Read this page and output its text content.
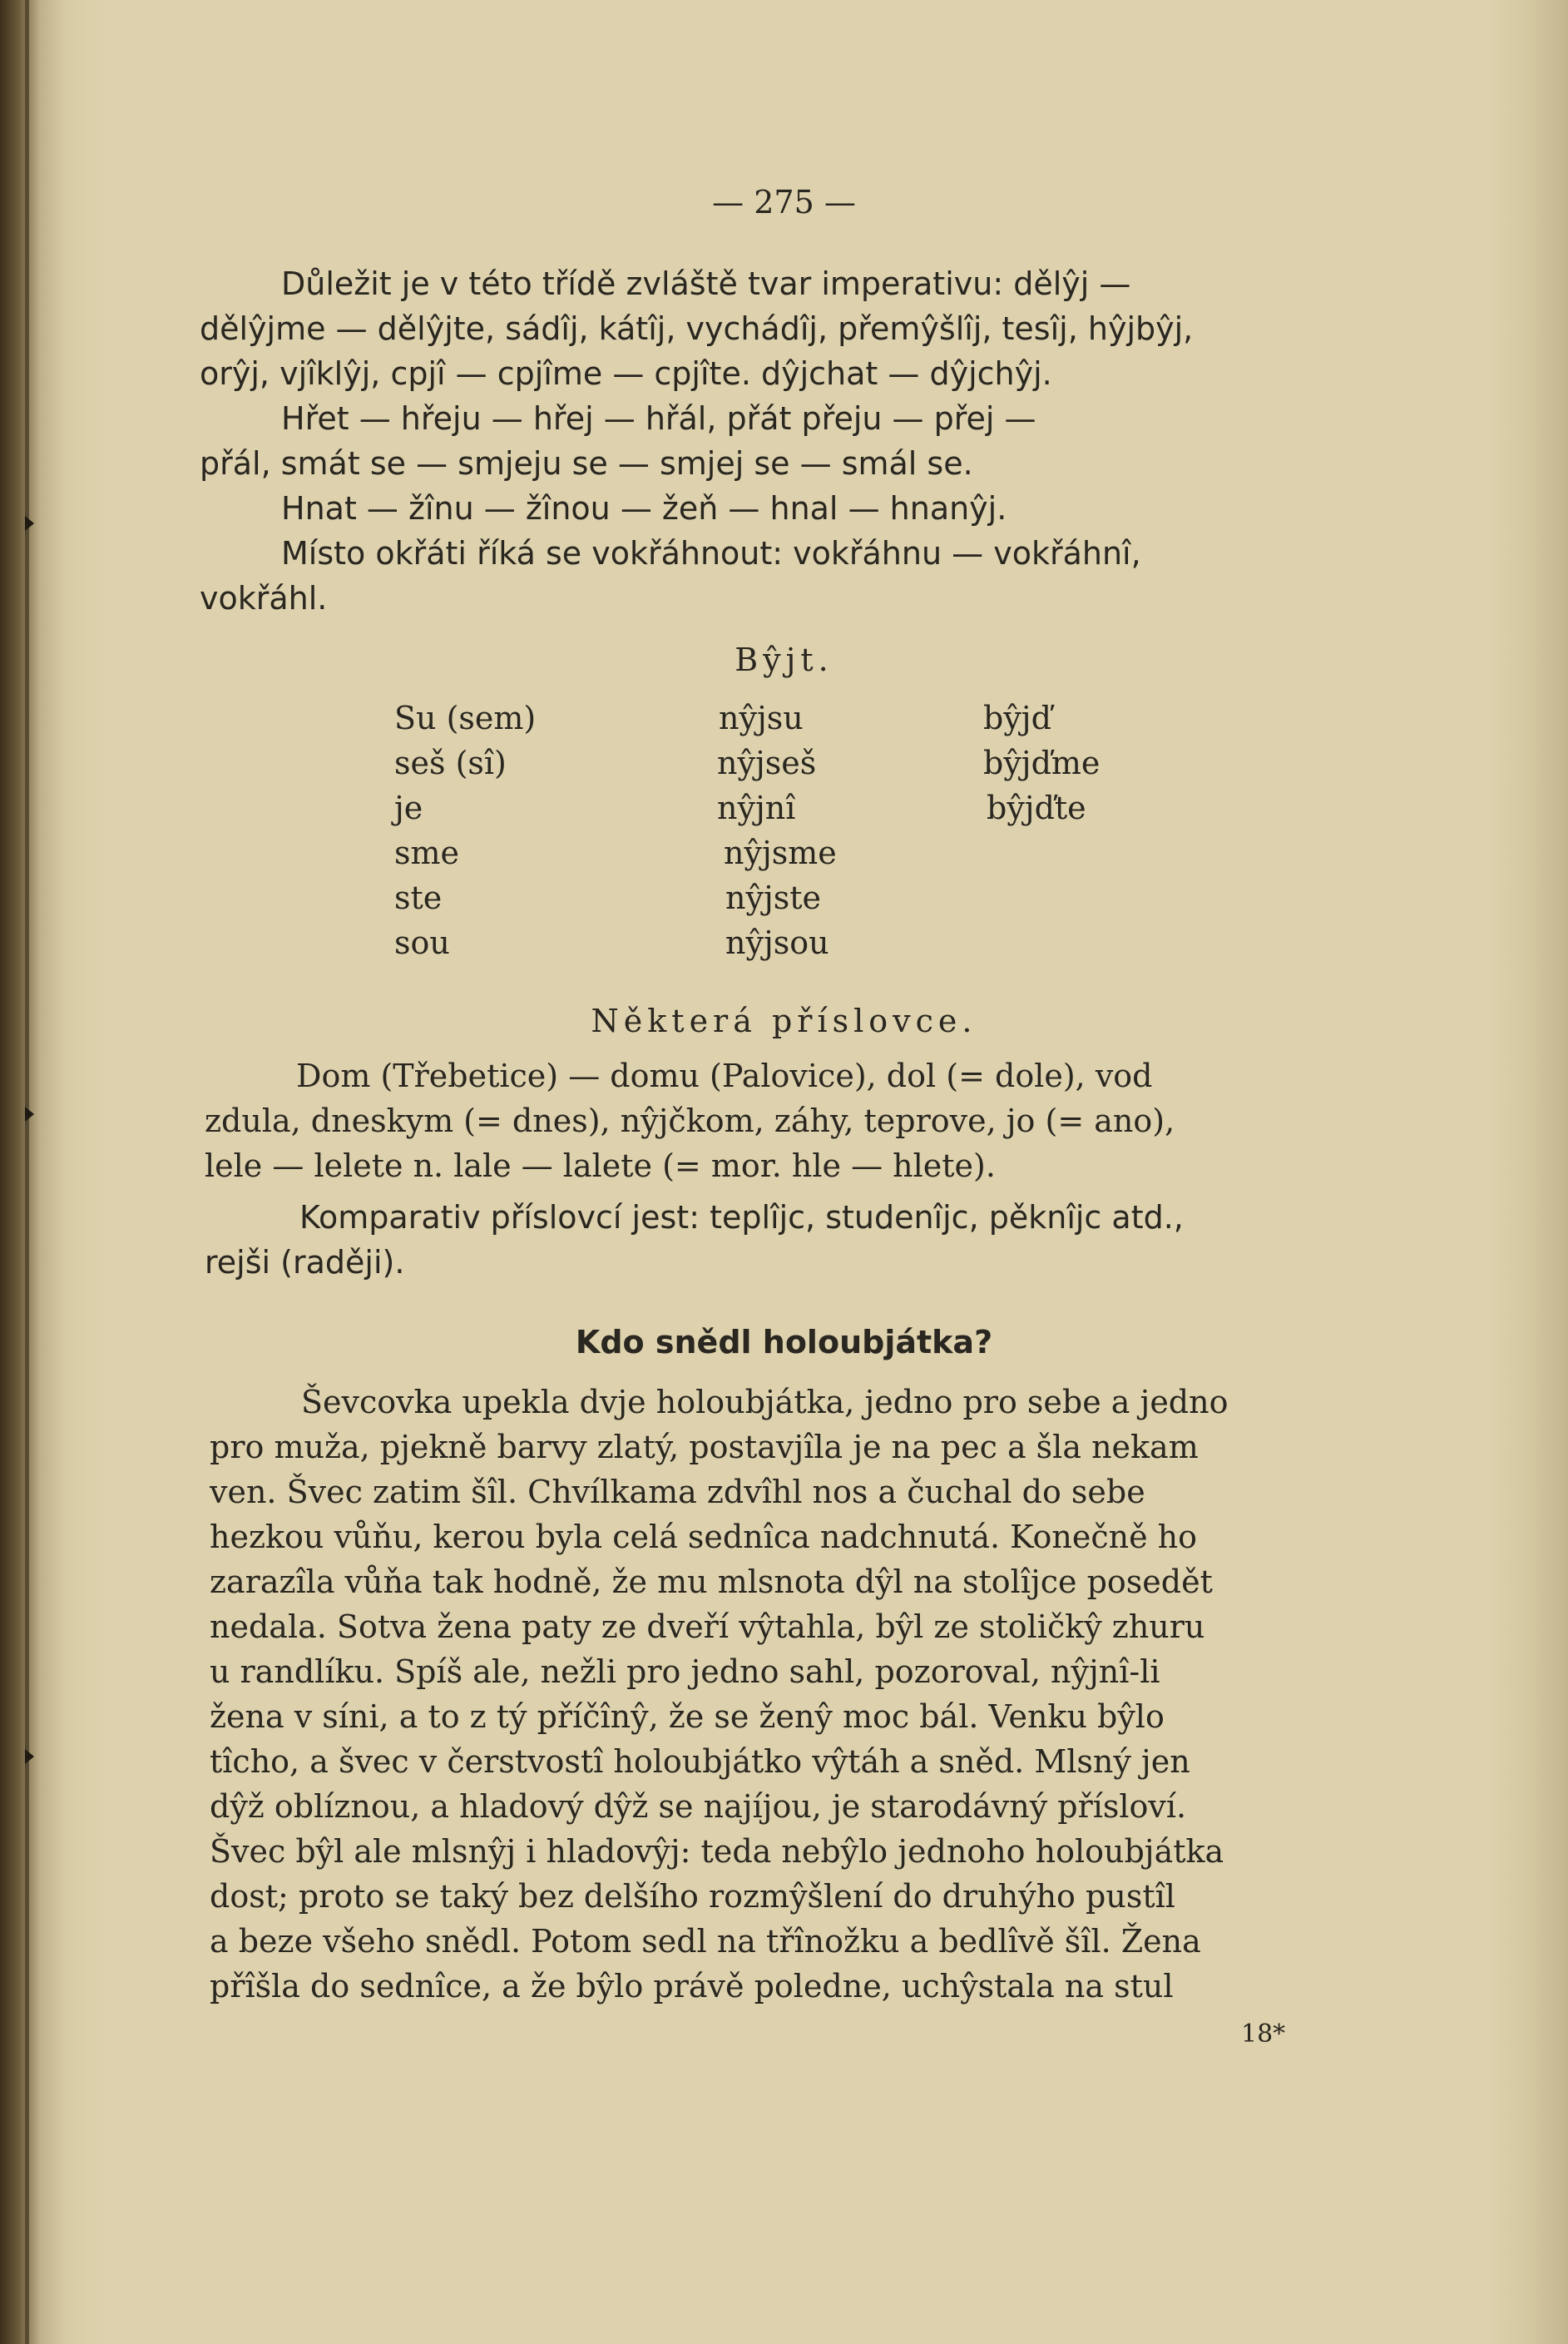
— 275 —
Důležit je v této třídě zvláště tvar imperativu: dělŷj —
dělŷjme — dělŷjte, sádîj, kátîj, vychádîj, přemŷšlîj, tesîj, hŷjbŷj,
orŷj, vjîklŷj, cpjî — cpjîme — cpjîte. dŷjchat — dŷjchŷj.
Hřet — hřeju — hřej — hřál, přát přeju — přej —
přál, smát se — smjeju se — smjej se — smál se.
Hnat — žînu — žînou — žeň — hnal — hnanŷj.
Místo okřáti říká se vokřáhnout: vokřáhnu — vokřáhnî,
vokřáhl.
Bŷjt.
Su (sem)
seš (sî)
je
sme
ste
sou
nŷjsu
nŷjseš
nŷjnî
nŷjsme
nŷjste
nŷjsou
bŷjď
bŷjďme
bŷjďte
Některá příslovce.
Dom (Třebetice) — domu (Palovice), dol (= dole), vod
zdula, dneskym (= dnes), nŷjčkom, záhy, teprove, jo (= ano),
lele — lelete n. lale — lalete (= mor. hle — hlete).
Komparativ příslovcí jest: teplîjc, studenîjc, pěknîjc atd.,
rejši (raději).
Kdo snědl holoubjátka?
Ševcovka upekla dvje holoubjátka, jedno pro sebe a jedno
pro muža, pjekně barvy zlatý, postavjîla je na pec a šla nekam
ven. Švec zatim šîl. Chvílkama zdvîhl nos a čuchal do sebe
hezkou vůňu, kerou byla celá sednîca nadchnutá. Konečně ho
zarazîla vůňa tak hodně, že mu mlsnota dŷl na stolîjce posedět
nedala. Sotva žena paty ze dveří vŷtahla, bŷl ze stoličkŷ zhuru
u randlíku. Spíš ale, nežli pro jedno sahl, pozoroval, nŷjnî-li
žena v síni, a to z tý příčînŷ, že se ženŷ moc bál. Venku bŷlo
tîcho, a švec v čerstvostî holoubjátko vŷtáh a sněd. Mlsný jen
dŷž oblíznou, a hladový dŷž se najíjou, je starodávný přísloví.
Švec bŷl ale mlsnŷj i hladovŷj: teda nebŷlo jednoho holoubjátka
dost; proto se taký bez delšího rozmŷšlení do druhýho pustîl
a beze všeho snědl. Potom sedl na třînožku a bedlîvě šîl. Žena
přîšla do sednîce, a že bŷlo právě poledne, uchŷstala na stul
18*
